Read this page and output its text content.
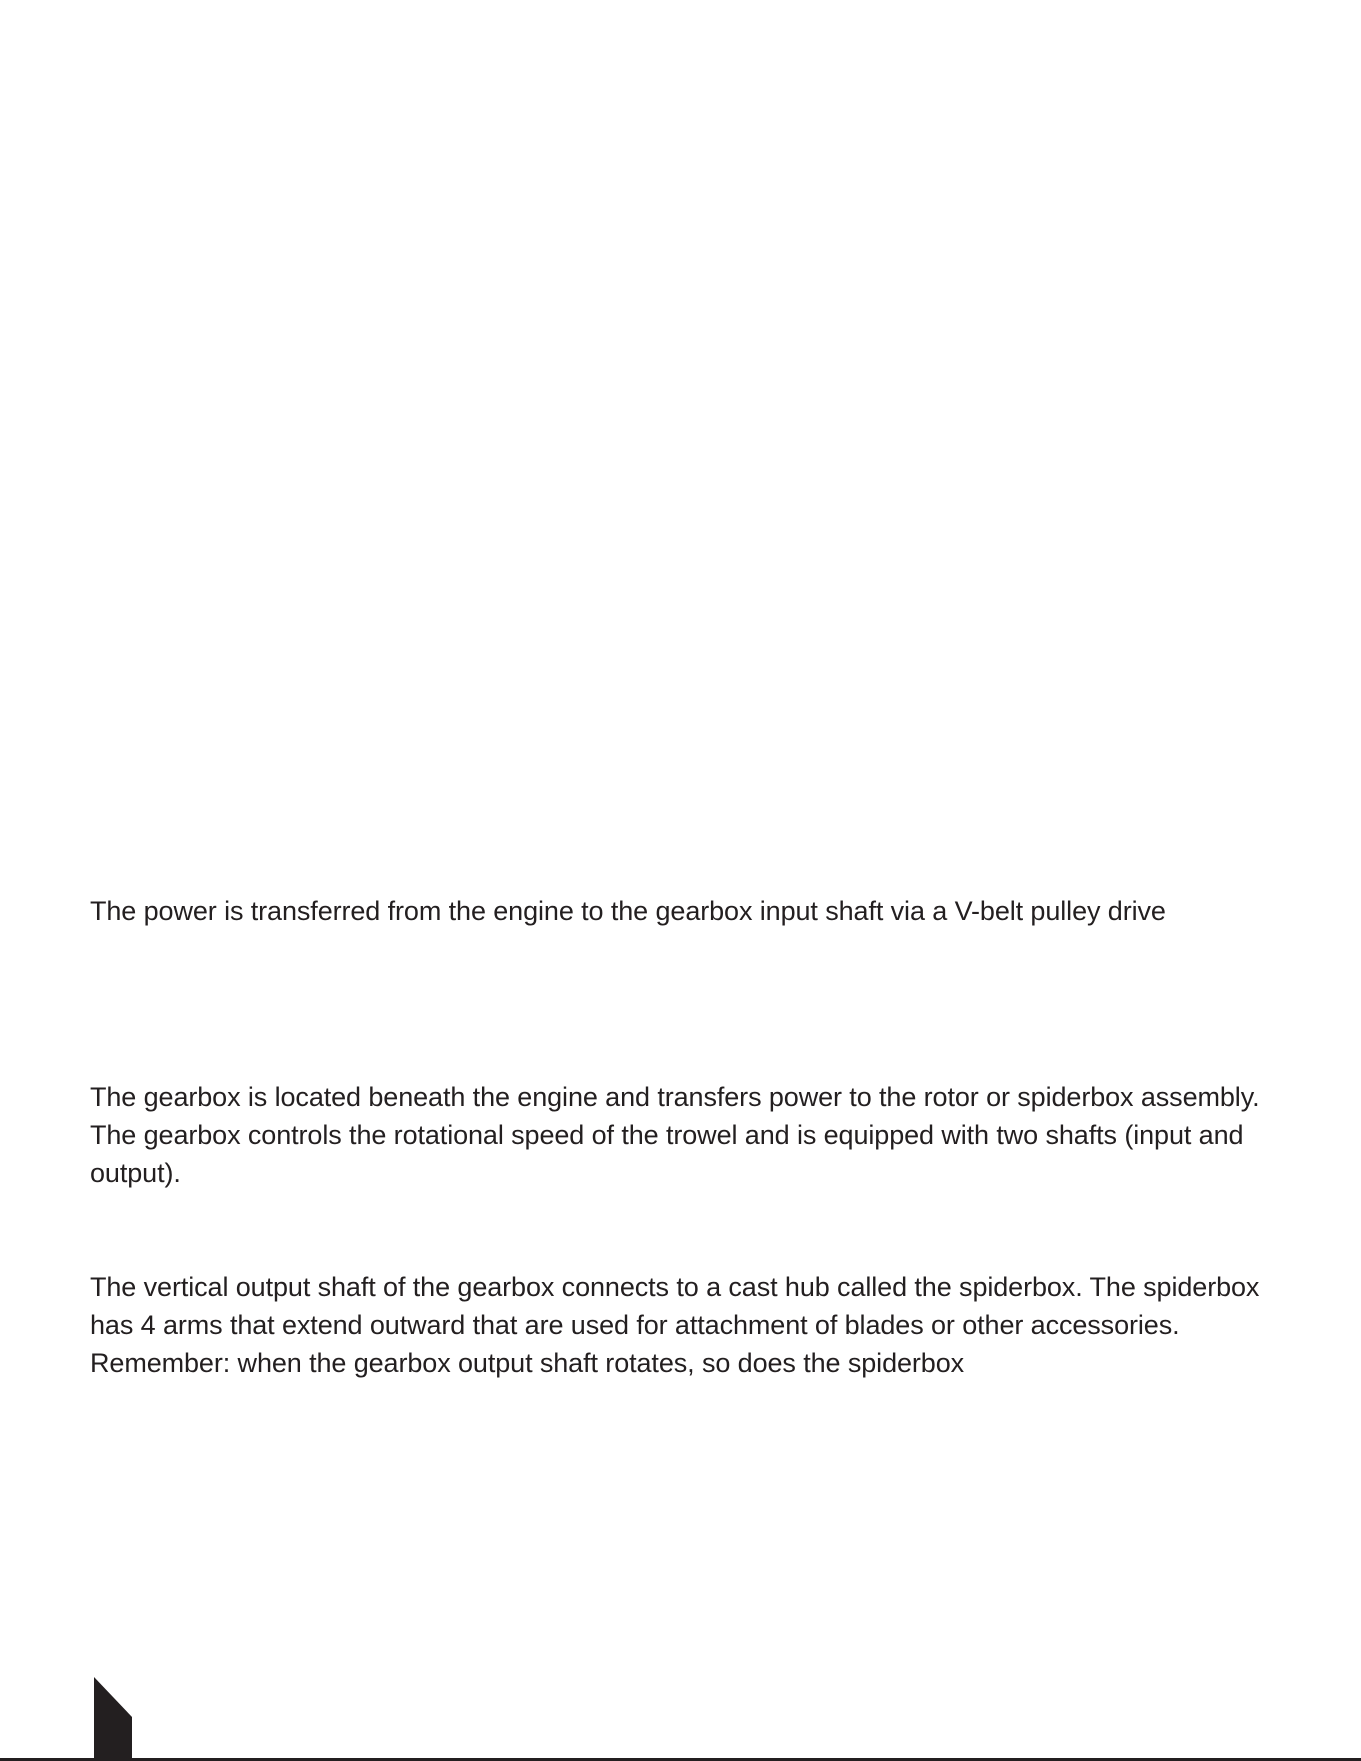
The power is transferred from the engine to the gearbox input shaft via a V-belt pulley drive

The gearbox is located beneath the engine and transfers power to the rotor or spiderbox assembly. The gearbox controls the rotational speed of the trowel and is equipped with two shafts (input and output).

The vertical output shaft of the gearbox connects to a cast hub called the spiderbox. The spiderbox has 4 arms that extend outward that are used for attachment of blades or other accessories. Remember: when the gearbox output shaft rotates, so does the spiderbox
